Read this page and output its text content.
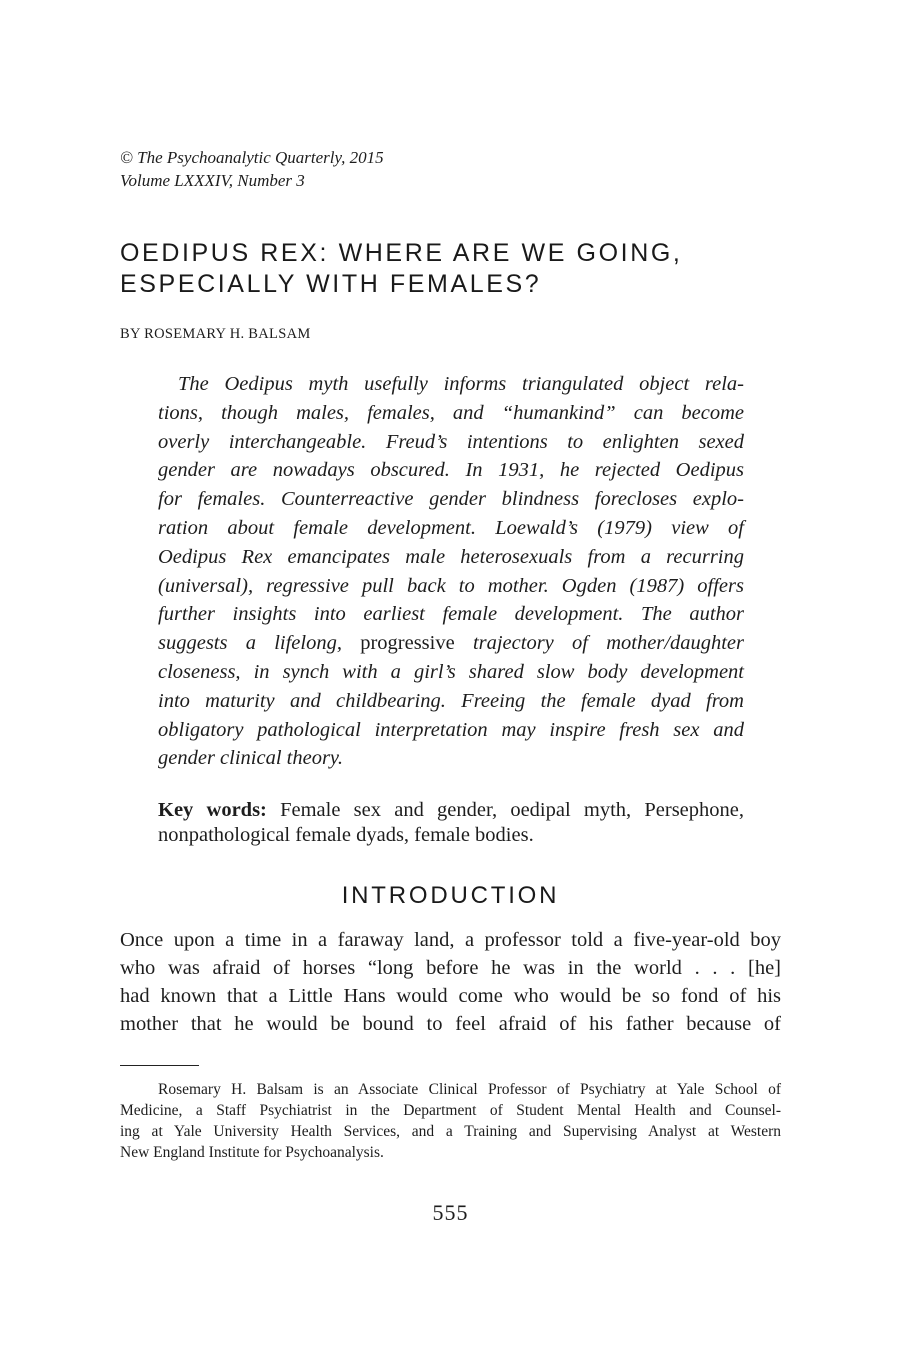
© The Psychoanalytic Quarterly, 2015
Volume LXXXIV, Number 3
OEDIPUS REX: WHERE ARE WE GOING,
ESPECIALLY WITH FEMALES?
BY ROSEMARY H. BALSAM
The Oedipus myth usefully informs triangulated object rela-
tions, though males, females, and “humankind” can become
overly interchangeable. Freud’s intentions to enlighten sexed
gender are nowadays obscured. In 1931, he rejected Oedipus
for females. Counterreactive gender blindness forecloses explo-
ration about female development. Loewald’s (1979) view of
Oedipus Rex emancipates male heterosexuals from a recurring
(universal), regressive pull back to mother. Ogden (1987) offers
further insights into earliest female development. The author
suggests a lifelong, progressive trajectory of mother/daughter
closeness, in synch with a girl’s shared slow body development
into maturity and childbearing. Freeing the female dyad from
obligatory pathological interpretation may inspire fresh sex and
gender clinical theory.
Key words: Female sex and gender, oedipal myth, Persephone,
nonpathological female dyads, female bodies.
INTRODUCTION
Once upon a time in a faraway land, a professor told a five-year-old boy
who was afraid of horses “long before he was in the world . . . [he]
had known that a Little Hans would come who would be so fond of his
mother that he would be bound to feel afraid of his father because of
Rosemary H. Balsam is an Associate Clinical Professor of Psychiatry at Yale School of
Medicine, a Staff Psychiatrist in the Department of Student Mental Health and Counsel-
ing at Yale University Health Services, and a Training and Supervising Analyst at Western
New England Institute for Psychoanalysis.
555
